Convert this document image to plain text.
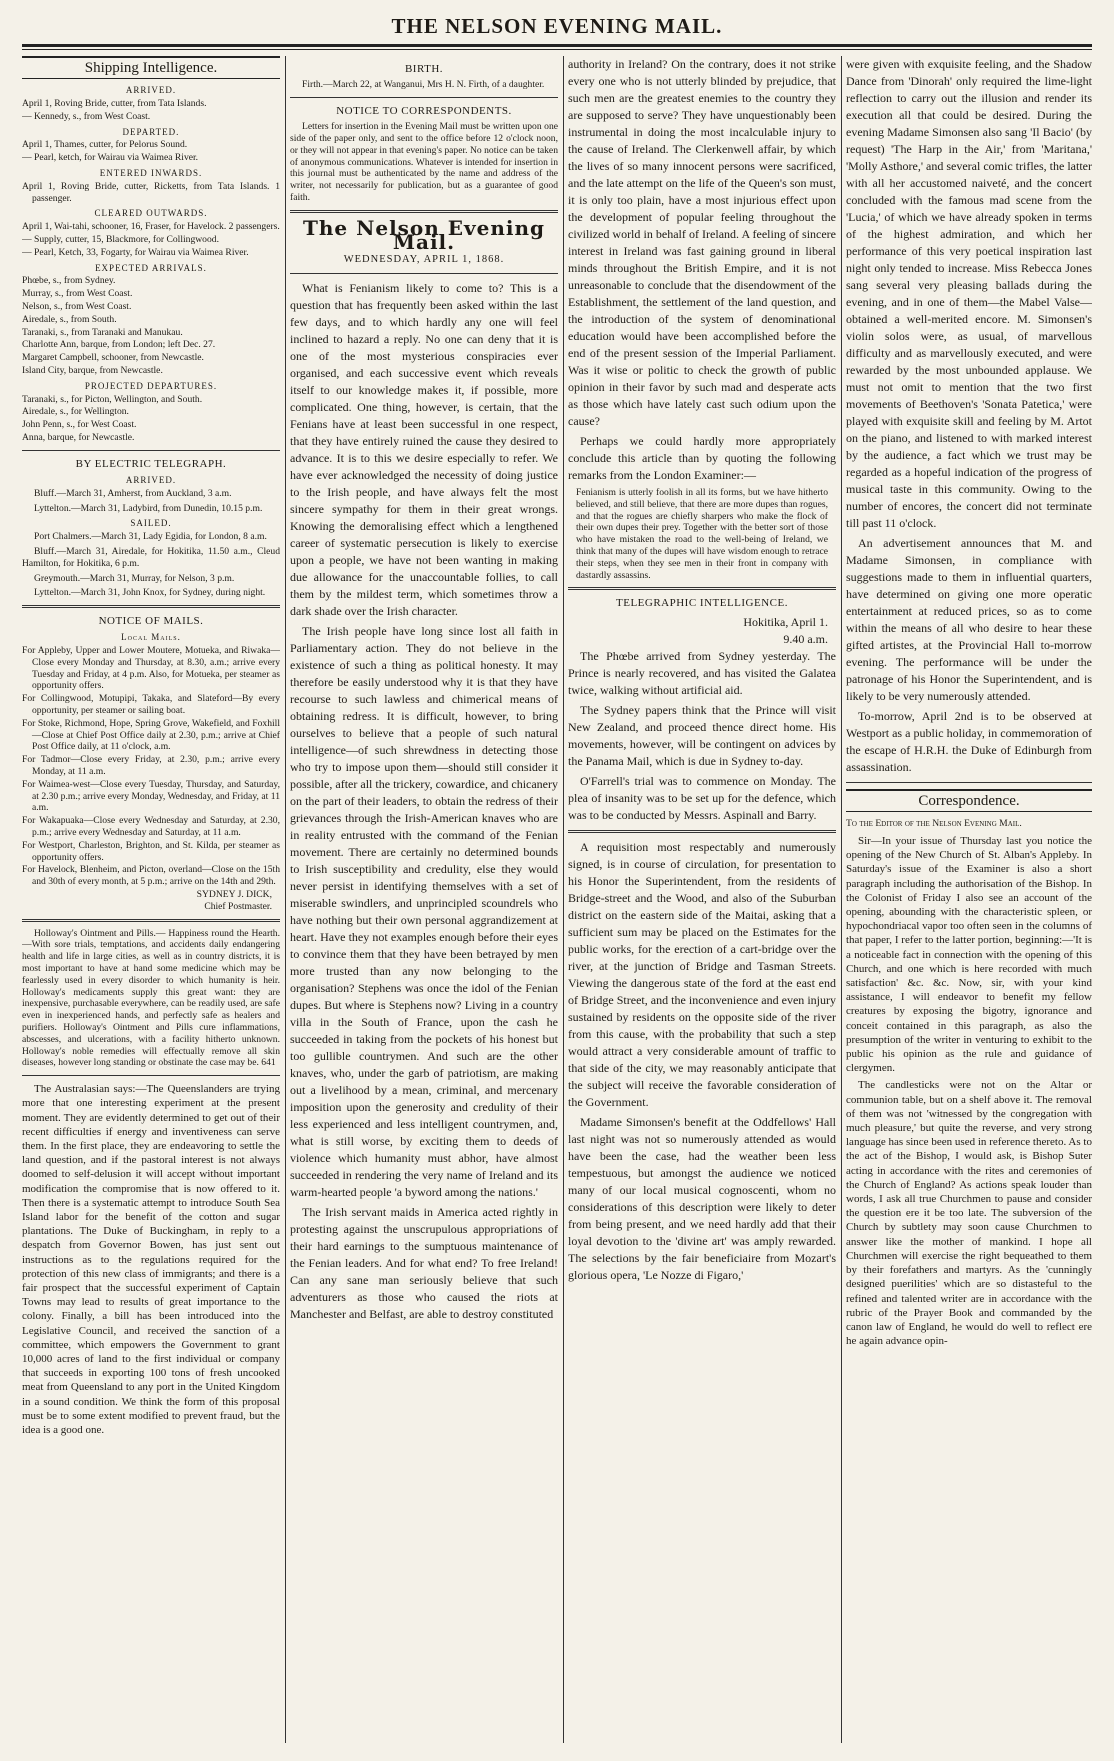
THE NELSON EVENING MAIL.
Shipping Intelligence.
ARRIVED.
April 1, Roving Bride, cutter, from Tata Islands.
— Kennedy, s., from West Coast.
DEPARTED.
April 1, Thames, cutter, for Pelorus Sound.
— Pearl, ketch, for Wairau via Waimea River.
ENTERED INWARDS.
April 1, Roving Bride, cutter, Ricketts, from Tata Islands. 1 passenger.
CLEARED OUTWARDS.
April 1, Wai-tahi, schooner, 16, Fraser, for Havelock. 2 passengers.
— Supply, cutter, 15, Blackmore, for Collingwood.
— Pearl, Ketch, 33, Fogarty, for Wairau via Waimea River.
EXPECTED ARRIVALS.
Phœbe, s., from Sydney.
Murray, s., from West Coast.
Nelson, s., from West Coast.
Airedale, s., from South.
Taranaki, s., from Taranaki and Manukau.
Charlotte Ann, barque, from London; left Dec. 27.
Margaret Campbell, schooner, from Newcastle.
Island City, barque, from Newcastle.
PROJECTED DEPARTURES.
Taranaki, s., for Picton, Wellington, and South.
Airedale, s., for Wellington.
John Penn, s., for West Coast.
Anna, barque, for Newcastle.
BY ELECTRIC TELEGRAPH.
ARRIVED.
Bluff.—March 31, Amherst, from Auckland, 3 a.m.
Lyttelton.—March 31, Ladybird, from Dunedin, 10.15 p.m.
SAILED.
Port Chalmers.—March 31, Lady Egidia, for London, 8 a.m.
Bluff.—March 31, Airedale, for Hokitika, 11.50 a.m., Cleud Hamilton, for Hokitika, 6 p.m.
Greymouth.—March 31, Murray, for Nelson, 3 p.m.
Lyttelton.—March 31, John Knox, for Sydney, during night.
NOTICE OF MAILS.
Local Mails.
For Appleby, Upper and Lower Moutere, Motueka, and Riwaka—Close every Monday and Thursday, at 8.30, a.m.; arrive every Tuesday and Friday, at 4 p.m. Also, for Motueka, per steamer as opportunity offers.
For Collingwood, Motupipi, Takaka, and Slateford—By every opportunity, per steamer or sailing boat.
For Stoke, Richmond, Hope, Spring Grove, Wakefield, and Foxhill—Close at Chief Post Office daily at 2.30, p.m.; arrive at Chief Post Office daily, at 11 o'clock, a.m.
For Tadmor—Close every Friday, at 2.30, p.m.; arrive every Monday, at 11 a.m.
For Waimea-west—Close every Tuesday, Thursday, and Saturday, at 2.30 p.m.; arrive every Monday, Wednesday, and Friday, at 11 a.m.
For Wakapuaka—Close every Wednesday and Saturday, at 2.30, p.m.; arrive every Wednesday and Saturday, at 11 a.m.
For Westport, Charleston, Brighton, and St. Kilda, per steamer as opportunity offers.
For Havelock, Blenheim, and Picton, overland—Close on the 15th and 30th of every month, at 5 p.m.; arrive on the 14th and 29th.
SYDNEY J. DICK,
Chief Postmaster.
Holloway's Ointment and Pills.— Happiness round the Hearth.—With sore trials, temptations, and accidents daily endangering health and life in large cities, as well as in country districts, it is most important to have at hand some medicine which may be fearlessly used in every disorder to which humanity is heir. Holloway's medicaments supply this great want: they are inexpensive, purchasable everywhere, can be readily used, are safe even in inexperienced hands, and perfectly safe as healers and purifiers. Holloway's Ointment and Pills cure inflammations, abscesses, and ulcerations, with a facility hitherto unknown. Holloway's noble remedies will effectually remove all skin diseases, however long standing or obstinate the case may be. 641
The Australasian says:—The Queenslanders are trying more that one interesting experiment at the present moment. They are evidently determined to get out of their recent difficulties if energy and inventiveness can serve them. In the first place, they are endeavoring to settle the land question, and if the pastoral interest is not always doomed to self-delusion it will accept without important modification the compromise that is now offered to it. Then there is a systematic attempt to introduce South Sea Island labor for the benefit of the cotton and sugar plantations. The Duke of Buckingham, in reply to a despatch from Governor Bowen, has just sent out instructions as to the regulations required for the protection of this new class of immigrants; and there is a fair prospect that the successful experiment of Captain Towns may lead to results of great importance to the colony. Finally, a bill has been introduced into the Legislative Council, and received the sanction of a committee, which empowers the Government to grant 10,000 acres of land to the first individual or company that succeeds in exporting 100 tons of fresh uncooked meat from Queensland to any port in the United Kingdom in a sound condition. We think the form of this proposal must be to some extent modified to prevent fraud, but the idea is a good one.
BIRTH.
Firth.—March 22, at Wanganui, Mrs H. N. Firth, of a daughter.
NOTICE TO CORRESPONDENTS.
Letters for insertion in the Evening Mail must be written upon one side of the paper only, and sent to the office before 12 o'clock noon, or they will not appear in that evening's paper. No notice can be taken of anonymous communications. Whatever is intended for insertion in this journal must be authenticated by the name and address of the writer, not necessarily for publication, but as a guarantee of good faith.
The Nelson Evening Mail.
WEDNESDAY, APRIL 1, 1868.
What is Fenianism likely to come to? This is a question that has frequently been asked within the last few days, and to which hardly any one will feel inclined to hazard a reply. No one can deny that it is one of the most mysterious conspiracies ever organised, and each successive event which reveals itself to our knowledge makes it, if possible, more complicated. One thing, however, is certain, that the Fenians have at least been successful in one respect, that they have entirely ruined the cause they desired to advance. It is to this we desire especially to refer. We have ever acknowledged the necessity of doing justice to the Irish people, and have always felt the most sincere sympathy for them in their great wrongs. Knowing the demoralising effect which a lengthened career of systematic persecution is likely to exercise upon a people, we have not been wanting in making due allowance for the unaccountable follies, to call them by the mildest term, which sometimes throw a dark shade over the Irish character.
The Irish people have long since lost all faith in Parliamentary action. They do not believe in the existence of such a thing as political honesty. It may therefore be easily understood why it is that they have recourse to such lawless and chimerical means of obtaining redress. It is difficult, however, to bring ourselves to believe that a people of such natural intelligence—of such shrewdness in detecting those who try to impose upon them—should still consider it possible, after all the trickery, cowardice, and chicanery on the part of their leaders, to obtain the redress of their grievances through the Irish-American knaves who are in reality entrusted with the command of the Fenian movement. There are certainly no determined bounds to Irish susceptibility and credulity, else they would never persist in identifying themselves with a set of miserable swindlers, and unprincipled scoundrels who have nothing but their own personal aggrandizement at heart. Have they not examples enough before their eyes to convince them that they have been betrayed by men more trusted than any now belonging to the organisation? Stephens was once the idol of the Fenian dupes. But where is Stephens now? Living in a country villa in the South of France, upon the cash he succeeded in taking from the pockets of his honest but too gullible countrymen. And such are the other knaves, who, under the garb of patriotism, are making out a livelihood by a mean, criminal, and mercenary imposition upon the generosity and credulity of their less experienced and less intelligent countrymen, and, what is still worse, by exciting them to deeds of violence which humanity must abhor, have almost succeeded in rendering the very name of Ireland and its warm-hearted people 'a byword among the nations.'
The Irish servant maids in America acted rightly in protesting against the unscrupulous appropriations of their hard earnings to the sumptuous maintenance of the Fenian leaders. And for what end? To free Ireland! Can any sane man seriously believe that such adventurers as those who caused the riots at Manchester and Belfast, are able to destroy constituted
authority in Ireland? On the contrary, does it not strike every one who is not utterly blinded by prejudice, that such men are the greatest enemies to the country they are supposed to serve? They have unquestionably been instrumental in doing the most incalculable injury to the cause of Ireland. The Clerkenwell affair, by which the lives of so many innocent persons were sacrificed, and the late attempt on the life of the Queen's son must, it is only too plain, have a most injurious effect upon the development of popular feeling throughout the civilized world in behalf of Ireland. A feeling of sincere interest in Ireland was fast gaining ground in liberal minds throughout the British Empire, and it is not unreasonable to conclude that the disendowment of the Establishment, the settlement of the land question, and the introduction of the system of denominational education would have been accomplished before the end of the present session of the Imperial Parliament. Was it wise or politic to check the growth of public opinion in their favor by such mad and desperate acts as those which have lately cast such odium upon the cause?
Perhaps we could hardly more appropriately conclude this article than by quoting the following remarks from the London Examiner:—
Fenianism is utterly foolish in all its forms, but we have hitherto believed, and still believe, that there are more dupes than rogues, and that the rogues are chiefly sharpers who make the flock of their own dupes their prey. Together with the better sort of those who have mistaken the road to the well-being of Ireland, we think that many of the dupes will have wisdom enough to retrace their steps, when they see men in their front in company with dastardly assassins.
TELEGRAPHIC INTELLIGENCE.
Hokitika, April 1.
9.40 a.m.
The Phœbe arrived from Sydney yesterday. The Prince is nearly recovered, and has visited the Galatea twice, walking without artificial aid.
The Sydney papers think that the Prince will visit New Zealand, and proceed thence direct home. His movements, however, will be contingent on advices by the Panama Mail, which is due in Sydney to-day.
O'Farrell's trial was to commence on Monday. The plea of insanity was to be set up for the defence, which was to be conducted by Messrs. Aspinall and Barry.
A requisition most respectably and numerously signed, is in course of circulation, for presentation to his Honor the Superintendent, from the residents of Bridge-street and the Wood, and also of the Suburban district on the eastern side of the Maitai, asking that a sufficient sum may be placed on the Estimates for the public works, for the erection of a cart-bridge over the river, at the junction of Bridge and Tasman Streets. Viewing the dangerous state of the ford at the east end of Bridge Street, and the inconvenience and even injury sustained by residents on the opposite side of the river from this cause, with the probability that such a step would attract a very considerable amount of traffic to that side of the city, we may reasonably anticipate that the subject will receive the favorable consideration of the Government.
Madame Simonsen's benefit at the Oddfellows' Hall last night was not so numerously attended as would have been the case, had the weather been less tempestuous, but amongst the audience we noticed many of our local musical cognoscenti, whom no considerations of this description were likely to deter from being present, and we need hardly add that their loyal devotion to the 'divine art' was amply rewarded. The selections by the fair beneficiaire from Mozart's glorious opera, 'Le Nozze di Figaro,'
were given with exquisite feeling, and the Shadow Dance from 'Dinorah' only required the lime-light reflection to carry out the illusion and render its execution all that could be desired. During the evening Madame Simonsen also sang 'Il Bacio' (by request) 'The Harp in the Air,' from 'Maritana,' 'Molly Asthore,' and several comic trifles, the latter with all her accustomed naiveté, and the concert concluded with the famous mad scene from the 'Lucia,' of which we have already spoken in terms of the highest admiration, and which her performance of this very poetical inspiration last night only tended to increase. Miss Rebecca Jones sang several very pleasing ballads during the evening, and in one of them—the Mabel Valse—obtained a well-merited encore. M. Simonsen's violin solos were, as usual, of marvellous difficulty and as marvellously executed, and were rewarded by the most unbounded applause. We must not omit to mention that the two first movements of Beethoven's 'Sonata Patetica,' were played with exquisite skill and feeling by M. Artot on the piano, and listened to with marked interest by the audience, a fact which we trust may be regarded as a hopeful indication of the progress of musical taste in this community. Owing to the number of encores, the concert did not terminate till past 11 o'clock.
An advertisement announces that M. and Madame Simonsen, in compliance with suggestions made to them in influential quarters, have determined on giving one more operatic entertainment at reduced prices, so as to come within the means of all who desire to hear these gifted artistes, at the Provincial Hall to-morrow evening. The performance will be under the patronage of his Honor the Superintendent, and is likely to be very numerously attended.
To-morrow, April 2nd is to be observed at Westport as a public holiday, in commemoration of the escape of H.R.H. the Duke of Edinburgh from assassination.
Correspondence.
To the Editor of the Nelson Evening Mail.
Sir—In your issue of Thursday last you notice the opening of the New Church of St. Alban's Appleby. In Saturday's issue of the Examiner is also a short paragraph including the authorisation of the Bishop. In the Colonist of Friday I also see an account of the opening, abounding with the characteristic spleen, or hypochondriacal vapor too often seen in the columns of that paper, I refer to the latter portion, beginning:—'It is a noticeable fact in connection with the opening of this Church, and one which is here recorded with much satisfaction' &c. &c. Now, sir, with your kind assistance, I will endeavor to benefit my fellow creatures by exposing the bigotry, ignorance and conceit contained in this paragraph, as also the presumption of the writer in venturing to exhibit to the public his opinion as the rule and guidance of clergymen.
The candlesticks were not on the Altar or communion table, but on a shelf above it. The removal of them was not 'witnessed by the congregation with much pleasure,' but quite the reverse, and very strong language has since been used in reference thereto. As to the act of the Bishop, I would ask, is Bishop Suter acting in accordance with the rites and ceremonies of the Church of England? As actions speak louder than words, I ask all true Churchmen to pause and consider the question ere it be too late. The subversion of the Church by subtlety may soon cause Churchmen to answer like the mother of mankind. I hope all Churchmen will exercise the right bequeathed to them by their forefathers and martyrs. As the 'cunningly designed puerilities' which are so distasteful to the refined and talented writer are in accordance with the rubric of the Prayer Book and commanded by the canon law of England, he would do well to reflect ere he again advance opin-
